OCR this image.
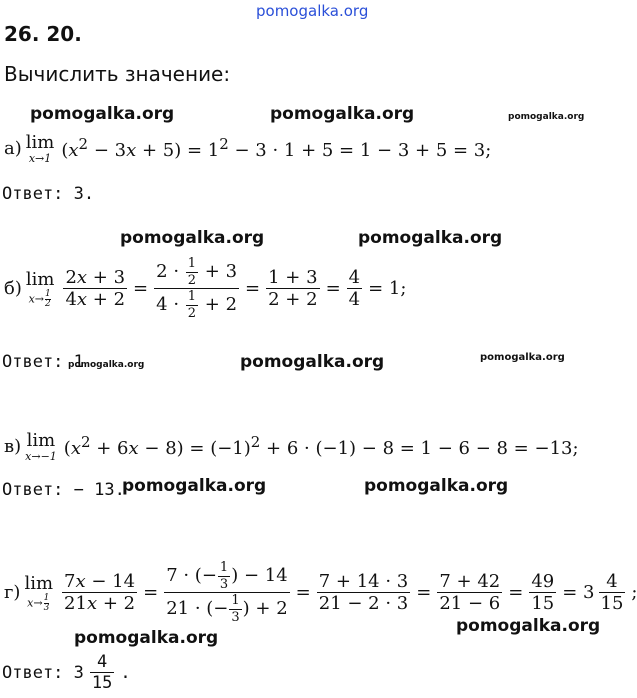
pomogalka.org
26. 20.
Вычислить значение:
pomogalka.org	pomogalka.org	pomogalka.org
а) lim
x→1 $(x^2 - 3x + 5) = 1^2 - 3 \cdot 1 + 5 = 1 - 3 + 5 = 3$;
Ответ: 3.
pomogalka.org	pomogalka.org
б) lim
$x\to \frac{1}{2} \frac{2x + 3}{4x + 2} = \frac{2 \cdot \frac{1}{2} + 3}{4 \cdot \frac{1}{2} + 2} = \frac{1 + 3}{2 + 2} = \frac{4}{4} = 1$;
Ответ: 1
pomogalka.org	pomogalka.org	pomogalka.org
в) lim
x→−1 $(x^2 + 6x - 8) = (-1)^2 + 6 \cdot (-1) - 8 = 1 - 6 - 8 = -13$;
Ответ: − 13.
pomogalka.org	pomogalka.org
г) lim
$x\to \frac{1}{3} \frac{7x - 14}{21x + 2} = \frac{7 \cdot (- \frac{1}{3} ) - 14}{21 \cdot (- \frac{1}{3} ) + 2} = \frac{7 + 14 \cdot 3}{21 - 2 \cdot 3} = \frac{7 + 42}{21 - 6} = \frac{49}{15} = 3 \frac{4}{15}$ ;
pomogalka.org
pomogalka.org
Ответ: $3 \frac{4}{15}$ .
